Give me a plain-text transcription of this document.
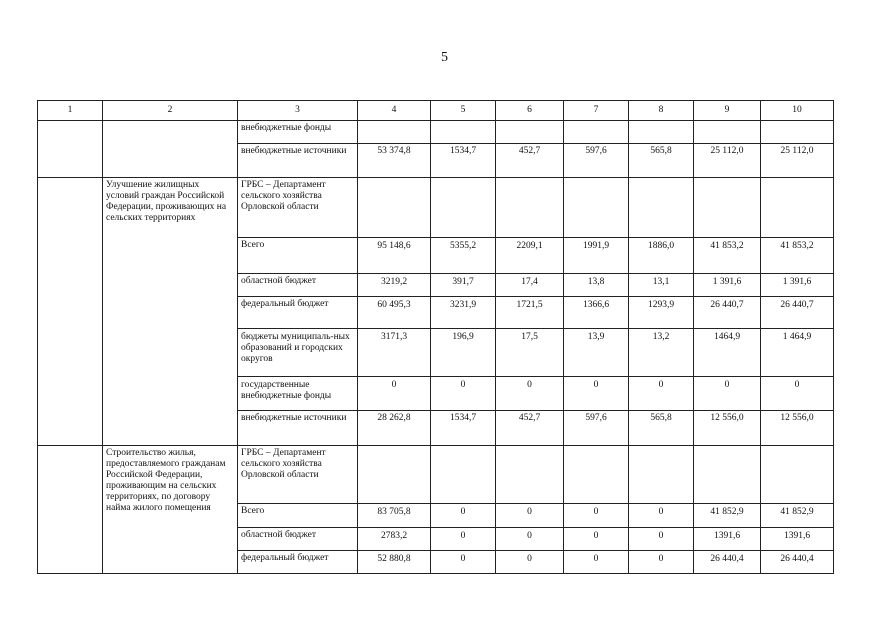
5
1	2	3	4	5	6	7	8	9	10
		внебюджетные фонды							
		внебюджетные источники	53 374,8	1534,7	452,7	597,6	565,8	25 112,0	25 112,0
	Улучшение жилищных условий граждан Российской Федерации, проживающих на сельских территориях	ГРБС – Департамент сельского хозяйства Орловской области							
		Всего	95 148,6	5355,2	2209,1	1991,9	1886,0	41 853,2	41 853,2
		областной бюджет	3219,2	391,7	17,4	13,8	13,1	1 391,6	1 391,6
		федеральный бюджет	60 495,3	3231,9	1721,5	1366,6	1293,9	26 440,7	26 440,7
		бюджеты муниципаль-ных образований и городских округов	3171,3	196,9	17,5	13,9	13,2	1464,9	1 464,9
		государственные внебюджетные фонды	0	0	0	0	0	0	0
		внебюджетные источники	28 262,8	1534,7	452,7	597,6	565,8	12 556,0	12 556,0
	Строительство жилья, предоставляемого гражданам Российской Федерации, проживающим на сельских территориях, по договору найма жилого помещения	ГРБС – Департамент сельского хозяйства Орловской области							
		Всего	83 705,8	0	0	0	0	41 852,9	41 852,9
		областной бюджет	2783,2	0	0	0	0	1391,6	1391,6
		федеральный бюджет	52 880,8	0	0	0	0	26 440,4	26 440,4
